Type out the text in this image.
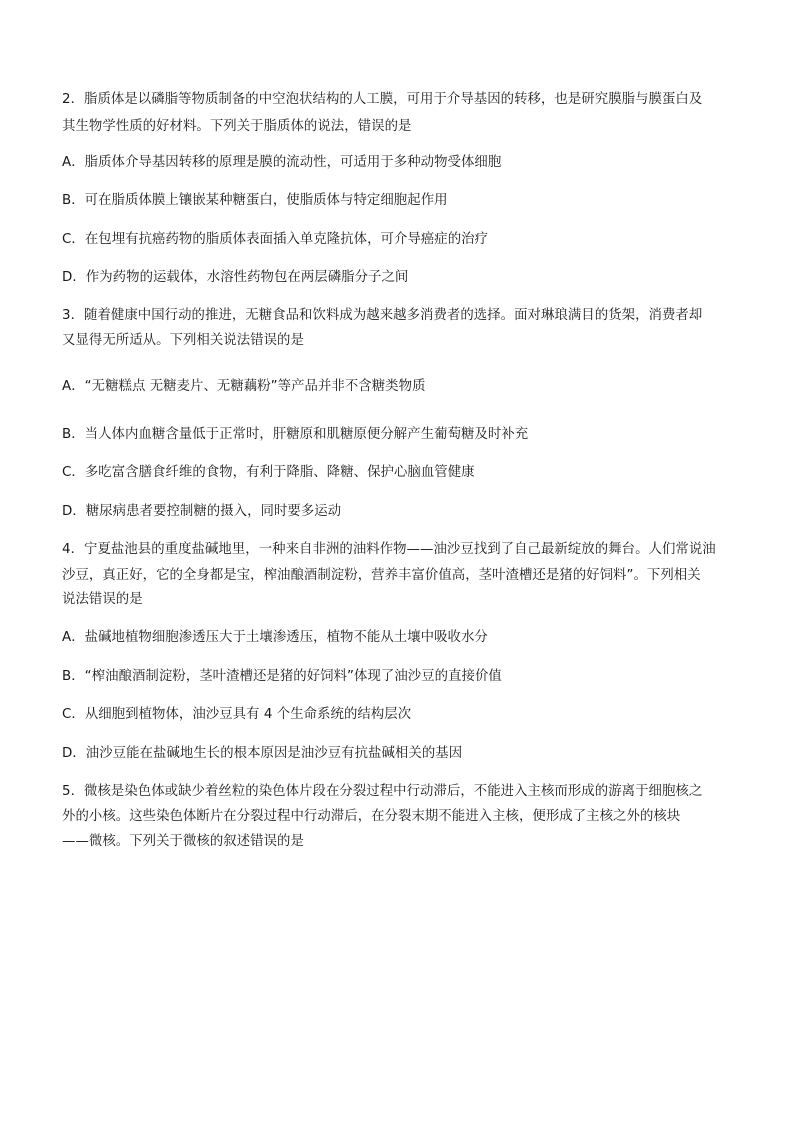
2．脂质体是以磷脂等物质制备的中空泡状结构的人工膜，可用于介导基因的转移，也是研究膜脂与膜蛋白及
其生物学性质的好材料。下列关于脂质体的说法，错误的是
A．脂质体介导基因转移的原理是膜的流动性，可适用于多种动物受体细胞
B．可在脂质体膜上镶嵌某种糖蛋白，使脂质体与特定细胞起作用
C．在包埋有抗癌药物的脂质体表面插入单克隆抗体，可介导癌症的治疗
D．作为药物的运载体，水溶性药物包在两层磷脂分子之间
3．随着健康中国行动的推进，无糖食品和饮料成为越来越多消费者的选择。面对琳琅满目的货架，消费者却
又显得无所适从。下列相关说法错误的是
A．“无糖糕点 无糖麦片、无糖藕粉”等产品并非不含糖类物质
B．当人体内血糖含量低于正常时，肝糖原和肌糖原便分解产生葡萄糖及时补充
C．多吃富含膳食纤维的食物，有利于降脂、降糖、保护心脑血管健康
D．糖尿病患者要控制糖的摄入，同时要多运动
4．宁夏盐池县的重度盐碱地里，一种来自非洲的油料作物——油沙豆找到了自己最新绽放的舞台。人们常说油
沙豆，真正好，它的全身都是宝，榨油酿酒制淀粉，营养丰富价值高，茎叶渣槽还是猪的好饲料”。下列相关
说法错误的是
A．盐碱地植物细胞渗透压大于土壤渗透压，植物不能从土壤中吸收水分
B．“榨油酿酒制淀粉，茎叶渣槽还是猪的好饲料”体现了油沙豆的直接价值
C．从细胞到植物体，油沙豆具有 4 个生命系统的结构层次
D．油沙豆能在盐碱地生长的根本原因是油沙豆有抗盐碱相关的基因
5．微核是染色体或缺少着丝粒的染色体片段在分裂过程中行动滞后，不能进入主核而形成的游离于细胞核之
外的小核。这些染色体断片在分裂过程中行动滞后，在分裂末期不能进入主核，便形成了主核之外的核块
——微核。下列关于微核的叙述错误的是
